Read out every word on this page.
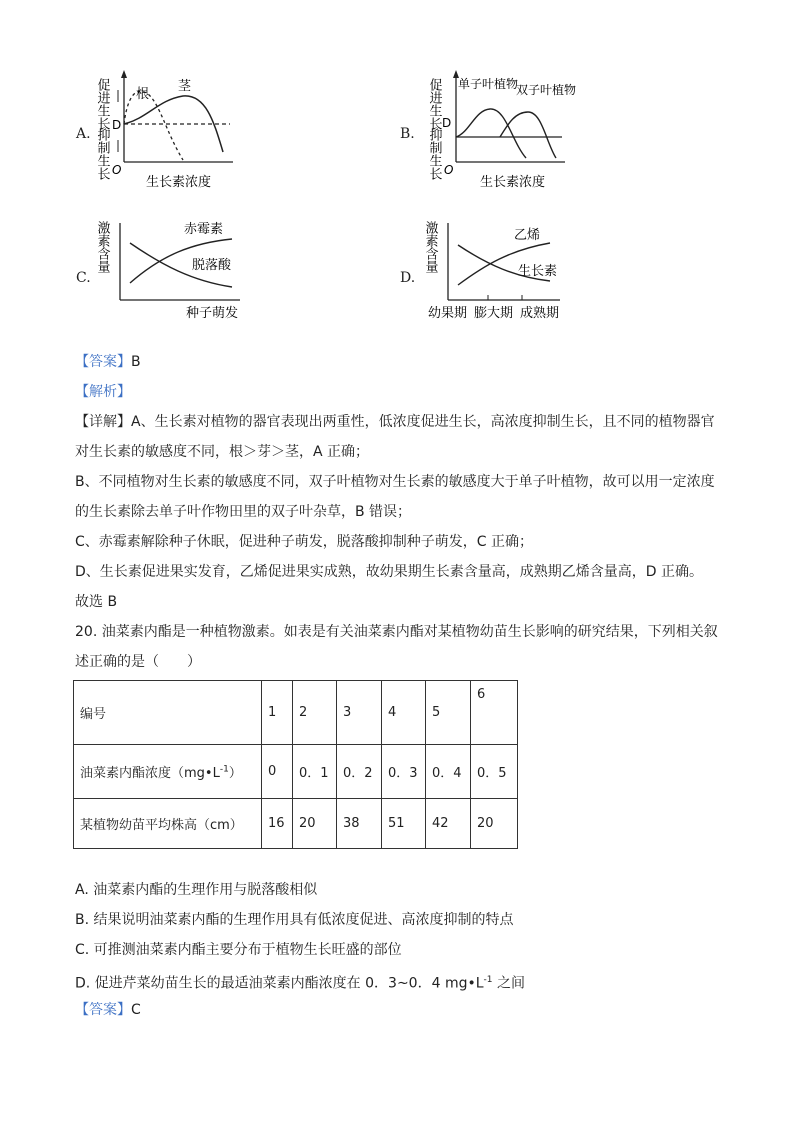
A.
促进生长
抑制生长
D
O
根
茎
生长素浓度
B.
促进生长
抑制生长
D
O
单子叶植物
双子叶植物
生长素浓度
C.
激素含量	赤霉素
脱落酸
种子萌发
D.
激素含量	乙烯
生长素
幼果期 膨大期 成熟期
【答案】B
【解析】
【详解】A、生长素对植物的器官表现出两重性，低浓度促进生长，高浓度抑制生长，且不同的植物器官
对生长素的敏感度不同，根＞芽＞茎，A 正确；
B、不同植物对生长素的敏感度不同，双子叶植物对生长素的敏感度大于单子叶植物，故可以用一定浓度
的生长素除去单子叶作物田里的双子叶杂草，B 错误；
C、赤霉素解除种子休眠，促进种子萌发，脱落酸抑制种子萌发，C 正确；
D、生长素促进果实发育，乙烯促进果实成熟，故幼果期生长素含量高，成熟期乙烯含量高，D 正确。
故选 B
20. 油菜素内酯是一种植物激素。如表是有关油菜素内酯对某植物幼苗生长影响的研究结果，下列相关叙
述正确的是（　　）
编号	1	2	3	4	5	6
油菜素内酯浓度$(mg•L^{-1})$	0	0．1	0．2	0．3	0．4	0．5
某植物幼苗平均株高（cm）	16	20	38	51	42	20
A. 油菜素内酯的生理作用与脱落酸相似
B. 结果说明油菜素内酯的生理作用具有低浓度促进、高浓度抑制的特点
C. 可推测油菜素内酯主要分布于植物生长旺盛的部位
D. 促进芹菜幼苗生长的最适油菜素内酯浓度在 0．3~0．4 $mg•L^{-1}$ 之间
【答案】C
